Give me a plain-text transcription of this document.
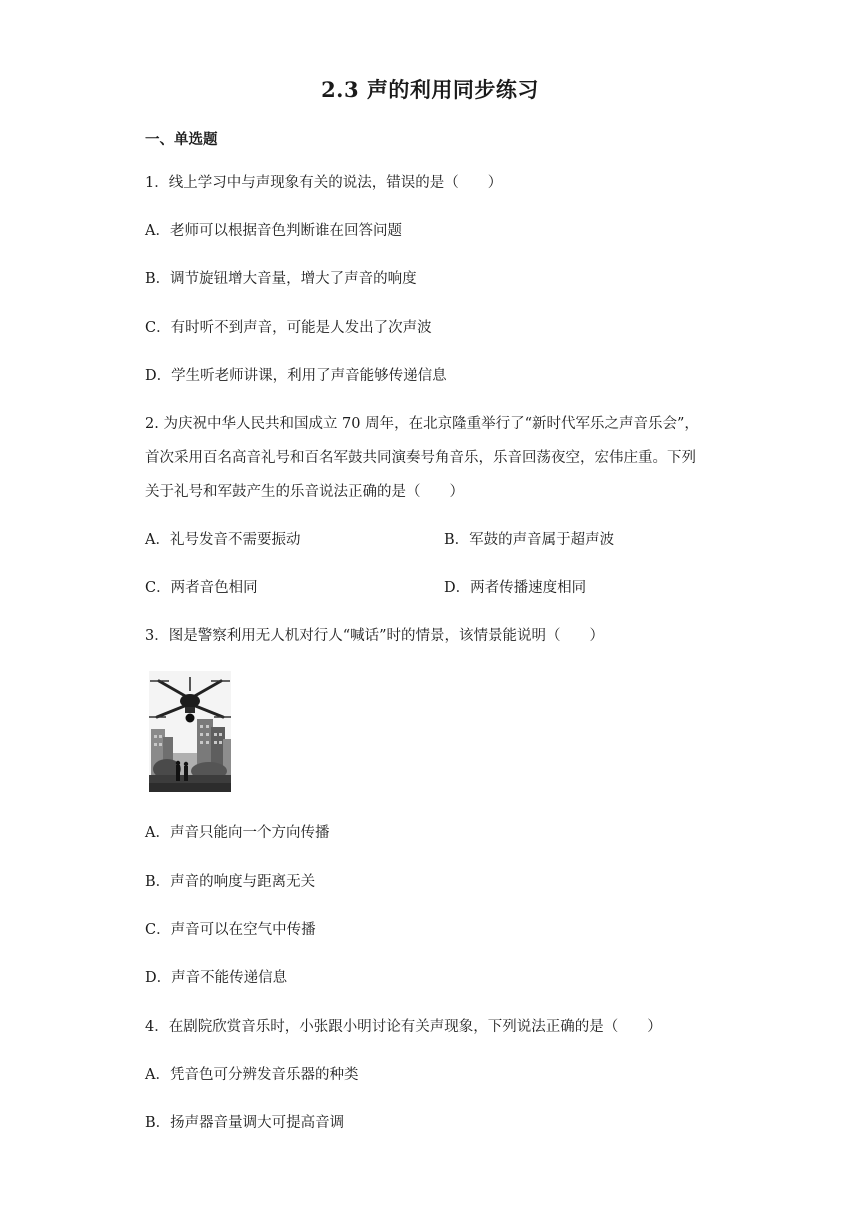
2.3 声的利用同步练习
一、单选题
1．线上学习中与声现象有关的说法，错误的是（　　）
A．老师可以根据音色判断谁在回答问题
B．调节旋钮增大音量，增大了声音的响度
C．有时听不到声音，可能是人发出了次声波
D．学生听老师讲课，利用了声音能够传递信息
2. 为庆祝中华人民共和国成立 70 周年，在北京隆重举行了“新时代军乐之声音乐会”，
首次采用百名高音礼号和百名军鼓共同演奏号角音乐，乐音回荡夜空，宏伟庄重。下列
关于礼号和军鼓产生的乐音说法正确的是（　　）
A．礼号发音不需要振动	B．军鼓的声音属于超声波
C．两者音色相同	D．两者传播速度相同
3．图是警察利用无人机对行人“喊话”时的情景，该情景能说明（　　）
A．声音只能向一个方向传播
B．声音的响度与距离无关
C．声音可以在空气中传播
D．声音不能传递信息
4．在剧院欣赏音乐时，小张跟小明讨论有关声现象，下列说法正确的是（　　）
A．凭音色可分辨发音乐器的种类
B．扬声器音量调大可提高音调
